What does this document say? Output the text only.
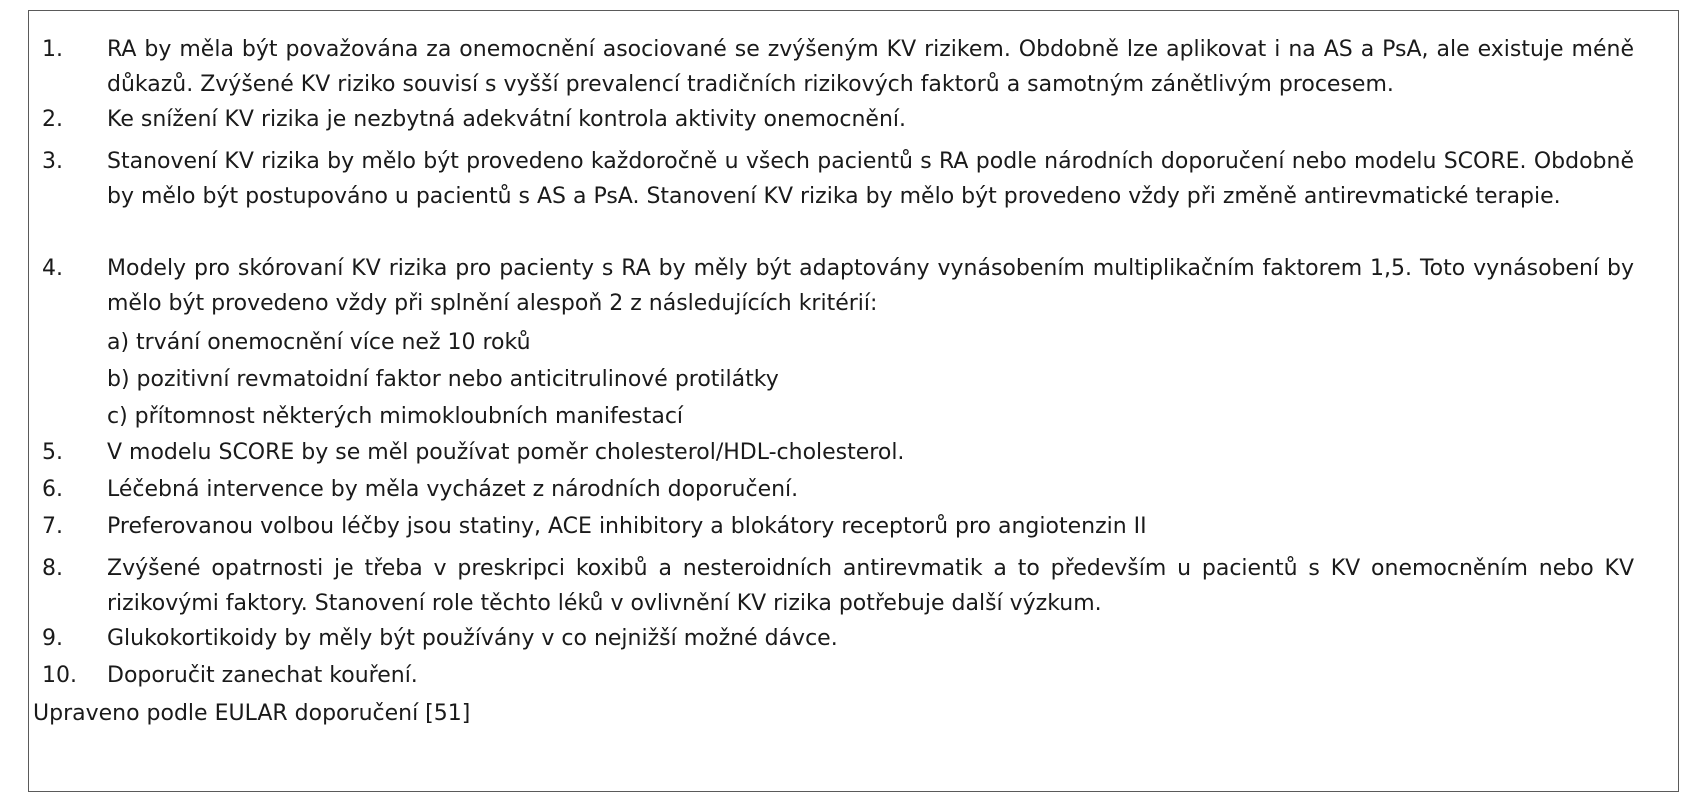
1. RA by měla být považována za onemocnění asociované se zvýšeným KV rizikem. Obdobně lze aplikovat i na AS a PsA, ale existuje méně důkazů. Zvýšené KV riziko souvisí s vyšší prevalencí tradičních rizikových faktorů a samotným zánětlivým procesem.
2. Ke snížení KV rizika je nezbytná adekvátní kontrola aktivity onemocnění.
3. Stanovení KV rizika by mělo být provedeno každoročně u všech pacientů s RA podle národních doporučení nebo modelu SCORE. Obdobně by mělo být postupováno u pacientů s AS a PsA. Stanovení KV rizika by mělo být provedeno vždy při změně antirevmatické terapie.
4. Modely pro skórovaní KV rizika pro pacienty s RA by měly být adaptovány vynásobením multiplikačním faktorem 1,5. Toto vynásobení by mělo být provedeno vždy při splnění alespoň 2 z následujících kritérií:
a) trvání onemocnění více než 10 roků
b) pozitivní revmatoidní faktor nebo anticitrulinové protilátky
c) přítomnost některých mimokloubních manifestací
5. V modelu SCORE by se měl používat poměr cholesterol/HDL-cholesterol.
6. Léčebná intervence by měla vycházet z národních doporučení.
7. Preferovanou volbou léčby jsou statiny, ACE inhibitory a blokátory receptorů pro angiotenzin II
8. Zvýšené opatrnosti je třeba v preskripci koxibů a nesteroidních antirevmatik a to především u pacientů s KV onemocněním nebo KV rizikovými faktory. Stanovení role těchto léků v ovlivnění KV rizika potřebuje další výzkum.
9. Glukokortikoidy by měly být používány v co nejnižší možné dávce.
10. Doporučit zanechat kouření.
Upraveno podle EULAR doporučení [51]
